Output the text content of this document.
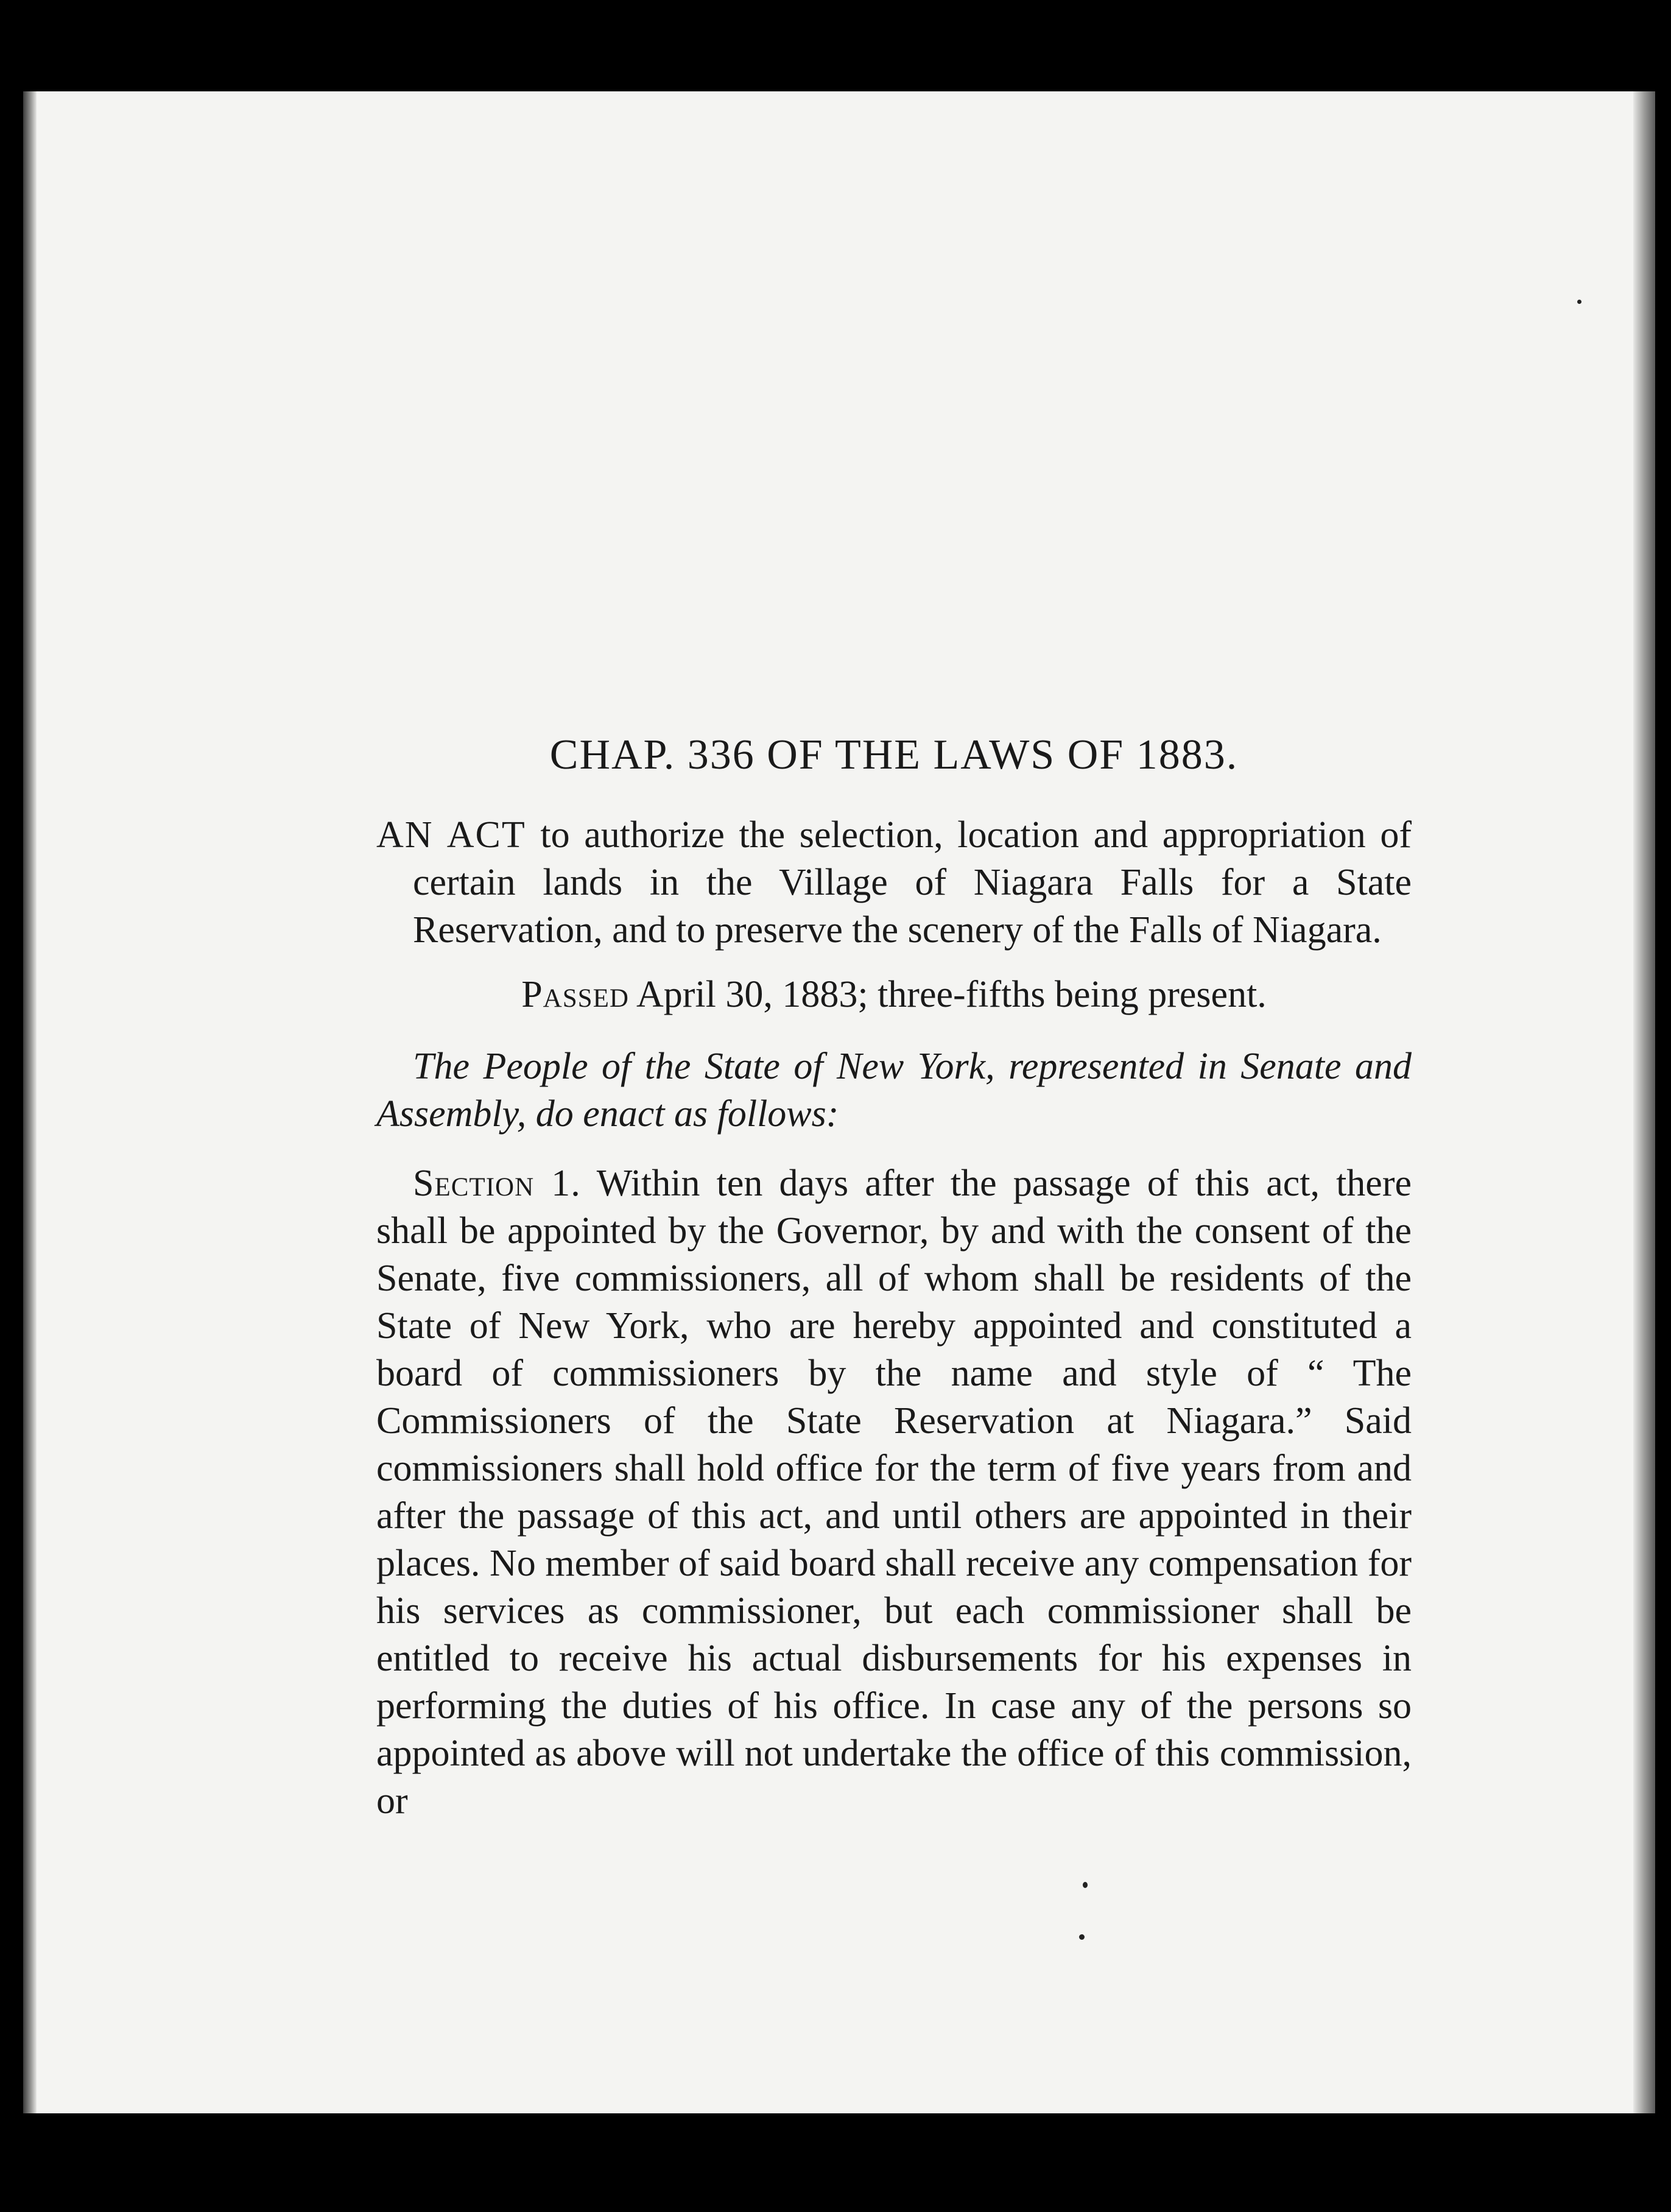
CHAP. 336 OF THE LAWS OF 1883.

AN ACT to authorize the selection, location and appropriation of certain lands in the Village of Niagara Falls for a State Reservation, and to preserve the scenery of the Falls of Niagara.

Passed April 30, 1883; three-fifths being present.

The People of the State of New York, represented in Senate and Assembly, do enact as follows:

Section 1. Within ten days after the passage of this act, there shall be appointed by the Governor, by and with the consent of the Senate, five commissioners, all of whom shall be residents of the State of New York, who are hereby appointed and constituted a board of commissioners by the name and style of “ The Commissioners of the State Reservation at Niagara.” Said commissioners shall hold office for the term of five years from and after the passage of this act, and until others are appointed in their places. No member of said board shall receive any compensation for his services as commissioner, but each commissioner shall be entitled to receive his actual disbursements for his expenses in performing the duties of his office. In case any of the persons so appointed as above will not undertake the office of this commission, or
